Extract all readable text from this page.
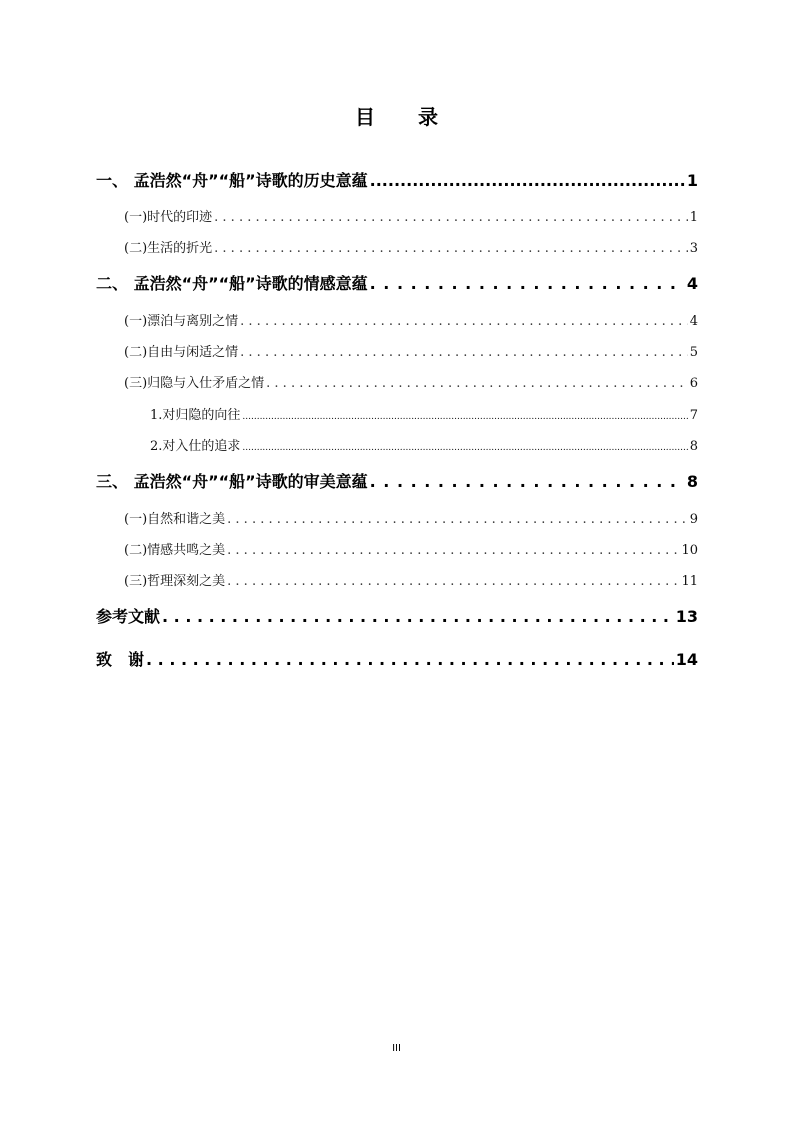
目 录
一、 孟浩然“舟”“船”诗歌的历史意蕴 .....	1
(一)时代的印迹 . . .	1
(二)生活的折光 . . .	3
二、 孟浩然“舟”“船”诗歌的情感意蕴 . . .	4
(一)漂泊与离别之情 . . .	4
(二)自由与闲适之情 . . .	5
(三)归隐与入仕矛盾之情 . . .	6
1.对归隐的向往 .....	7
2.对入仕的追求 .....	8
三、 孟浩然“舟”“船”诗歌的审美意蕴 . . .	8
(一)自然和谐之美 . . .	9
(二)情感共鸣之美 . . .	10
(三)哲理深刻之美 . . .	11
参考文献 . . .	13
致　谢 . . .	14
III
